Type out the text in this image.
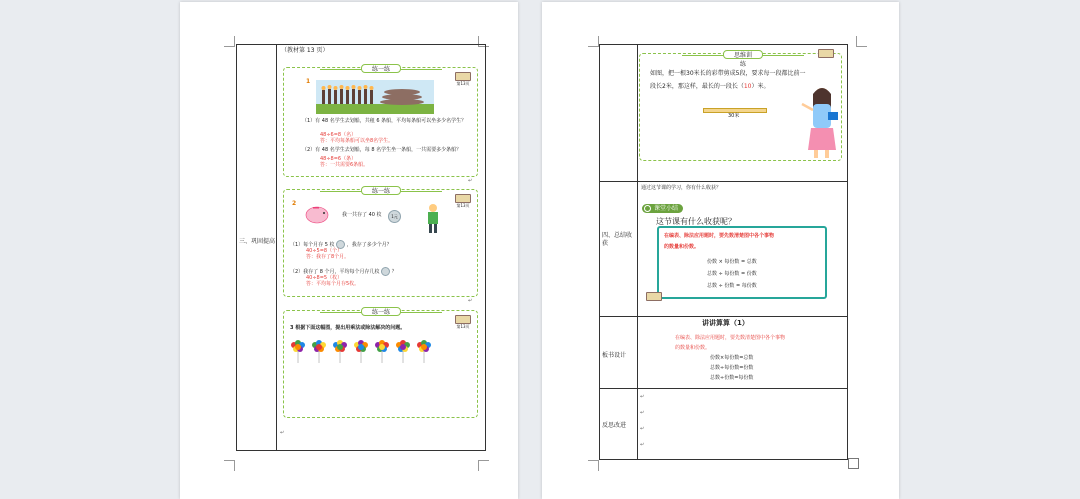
三、巩固提高
（教材第 13 页）
练一练
第13页
1
（1）有 48 名学生去划船，共租 6 条船，平均每条船可以坐多少名学生？
48÷6=8（名）
答：平均每条船可以坐8名学生。
（2）有 48 名学生去划船，每 8 名学生坐一条船，一共需要多少条船？
48÷8=6（条）
答：一共需要6条船。
↵
练一练
第13页
2
我一共存了 40 枚	1元
（1）每个月存 5 枚 ，我存了多少个月？
40÷5=8（个）
答：我存了8个月。
（2）我存了 8 个月，平均每个月存几枚 ？
40÷8=5（枚）
答：平均每个月存5枚。
↵
练一练
第13页
3 根据下面这幅图，提出用乘法或除法解决的问题。
↵
思维训练
如图，把一根30米长的彩带剪成5段，要求每一段都比前一
段长2米，那这样，最长的一段长（10）米。
30米
四、总结收获
通过这节课的学习，你有什么收获？
课堂小结
这节课有什么收获呢？
在编表、除法应用题时，要先数清楚图中各个事物
的数量和份数。
份数 × 每份数 = 总数
总数 ÷ 每份数 = 份数
总数 ÷ 份数 = 每份数
板书设计
讲讲算算（1）
在编表、除法应用题时，要先数清楚图中各个事物
的数量和份数。
份数×每份数=总数
总数÷每份数=份数
总数÷份数=每份数
反思改进
↵
↵
↵
↵
